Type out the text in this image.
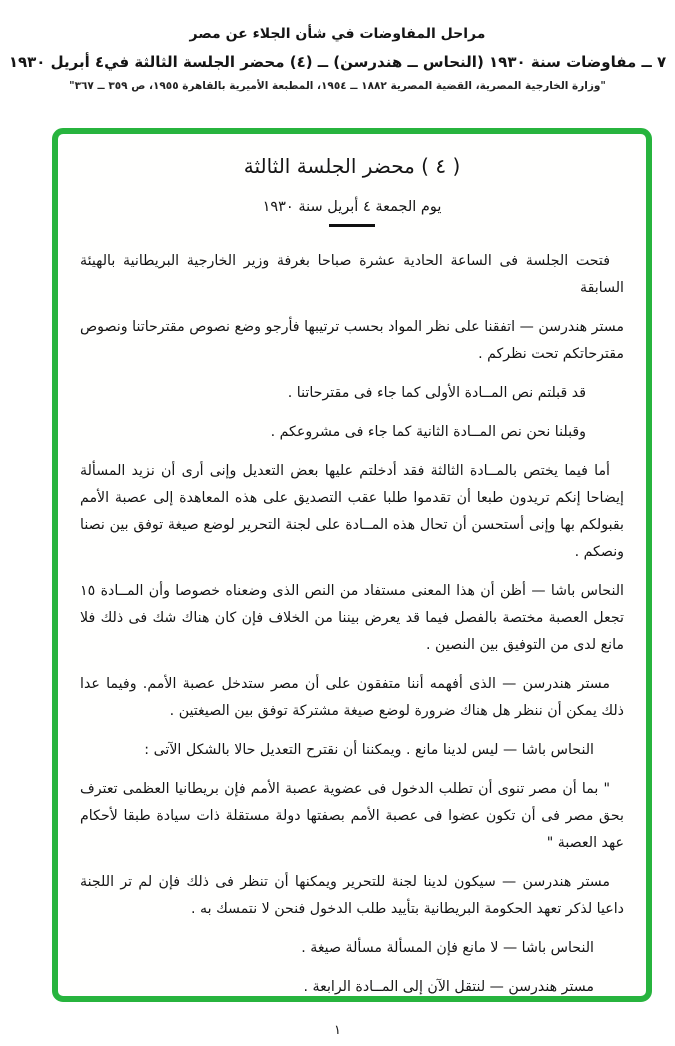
مراحل المفاوضات في شأن الجلاء عن مصر
٧ ــ مفاوضات سنة ١٩٣٠ (النحاس ــ هندرسن) ــ (٤) محضر الجلسة الثالثة في٤ أبريل ١٩٣٠
"وزارة الخارجية المصرية، القضية المصرية ١٨٨٢ ــ ١٩٥٤، المطبعة الأميرية بالقاهرة ١٩٥٥، ص ٣٥٩ ــ ٣٦٧"
( ٤ ) محضر الجلسة الثالثة
يوم الجمعة ٤ أبريل سنة ١٩٣٠

فتحت الجلسة فى الساعة الحادية عشرة صباحا بغرفة وزير الخارجية البريطانية بالهيئة السابقة

مستر هندرسن — اتفقنا على نظر المواد بحسب ترتيبها فأرجو وضع نصوص مقترحاتنا ونصوص مقترحاتكم تحت نظركم .

قد قبلتم نص المــادة الأولى كما جاء فى مقترحاتنا .

وقبلنا نحن نص المــادة الثانية كما جاء فى مشروعكم .

أما فيما يختص بالمــادة الثالثة فقد أدخلتم عليها بعض التعديل وإنى أرى أن نزيد المسألة إيضاحا إنكم تريدون طبعا أن تقدموا طلبا عقب التصديق على هذه المعاهدة إلى عصبة الأمم بقبولكم بها وإنى أستحسن أن تحال هذه المــادة على لجنة التحرير لوضع صيغة توفق بين نصنا ونصكم .

النحاس باشا — أظن أن هذا المعنى مستفاد من النص الذى وضعناه خصوصا وأن المــادة ١٥ تجعل العصبة مختصة بالفصل فيما قد يعرض بيننا من الخلاف فإن كان هناك شك فى ذلك فلا مانع لدى من التوفيق بين النصين .

مستر هندرسن — الذى أفهمه أننا متفقون على أن مصر ستدخل عصبة الأمم. وفيما عدا ذلك يمكن أن ننظر هل هناك ضرورة لوضع صيغة مشتركة توفق بين الصيغتين .

النحاس باشا — ليس لدينا مانع . ويمكننا أن نقترح التعديل حالا بالشكل الآتى :

" بما أن مصر تنوى أن تطلب الدخول فى عضوية عصبة الأمم فإن بريطانيا العظمى تعترف بحق مصر فى أن تكون عضوا فى عصبة الأمم بصفتها دولة مستقلة ذات سيادة طبقا لأحكام عهد العصبة "

مستر هندرسن — سيكون لدينا لجنة للتحرير ويمكنها أن تنظر فى ذلك فإن لم تر اللجنة داعيا لذكر تعهد الحكومة البريطانية بتأييد طلب الدخول فنحن لا نتمسك به .

النحاس باشا — لا مانع فإن المسألة مسألة صيغة .

مستر هندرسن — لنتقل الآن إلى المــادة الرابعة .

١
